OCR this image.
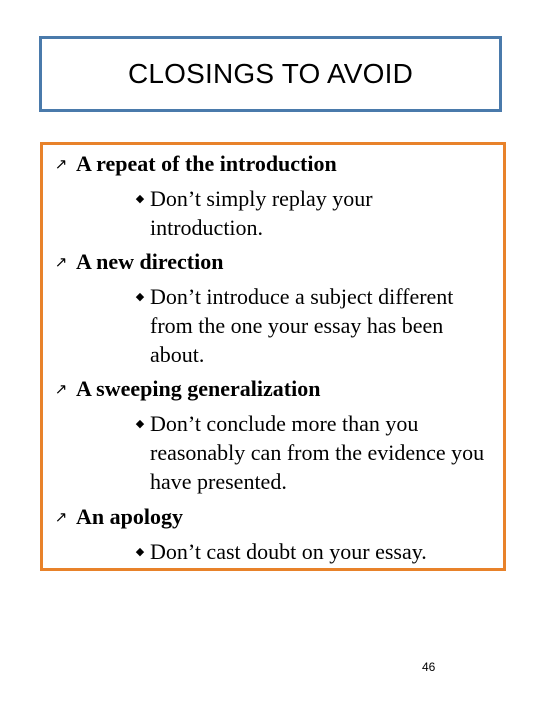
CLOSINGS TO AVOID
↗ A repeat of the introduction
◆ Don’t simply replay your introduction.
↗ A new direction
◆ Don’t introduce a subject different from the one your essay has been about.
↗ A sweeping generalization
◆ Don’t conclude more than you reasonably can from the evidence you have presented.
↗ An apology
◆ Don’t cast doubt on your essay.
46
